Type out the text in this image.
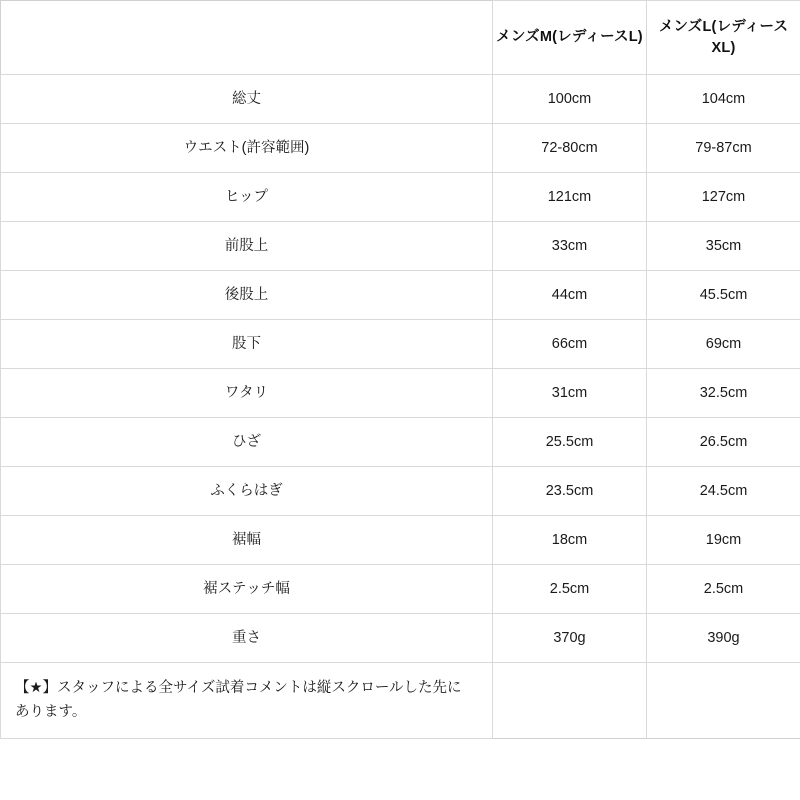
	メンズM(レディースL)	メンズL(レディースXL)
総丈	100cm	104cm
ウエスト(許容範囲)	72-80cm	79-87cm
ヒップ	121cm	127cm
前股上	33cm	35cm
後股上	44cm	45.5cm
股下	66cm	69cm
ワタリ	31cm	32.5cm
ひざ	25.5cm	26.5cm
ふくらはぎ	23.5cm	24.5cm
裾幅	18cm	19cm
裾ステッチ幅	2.5cm	2.5cm
重さ	370g	390g

【★】スタッフによる全サイズ試着コメントは縦スクロールした先にあります。		
